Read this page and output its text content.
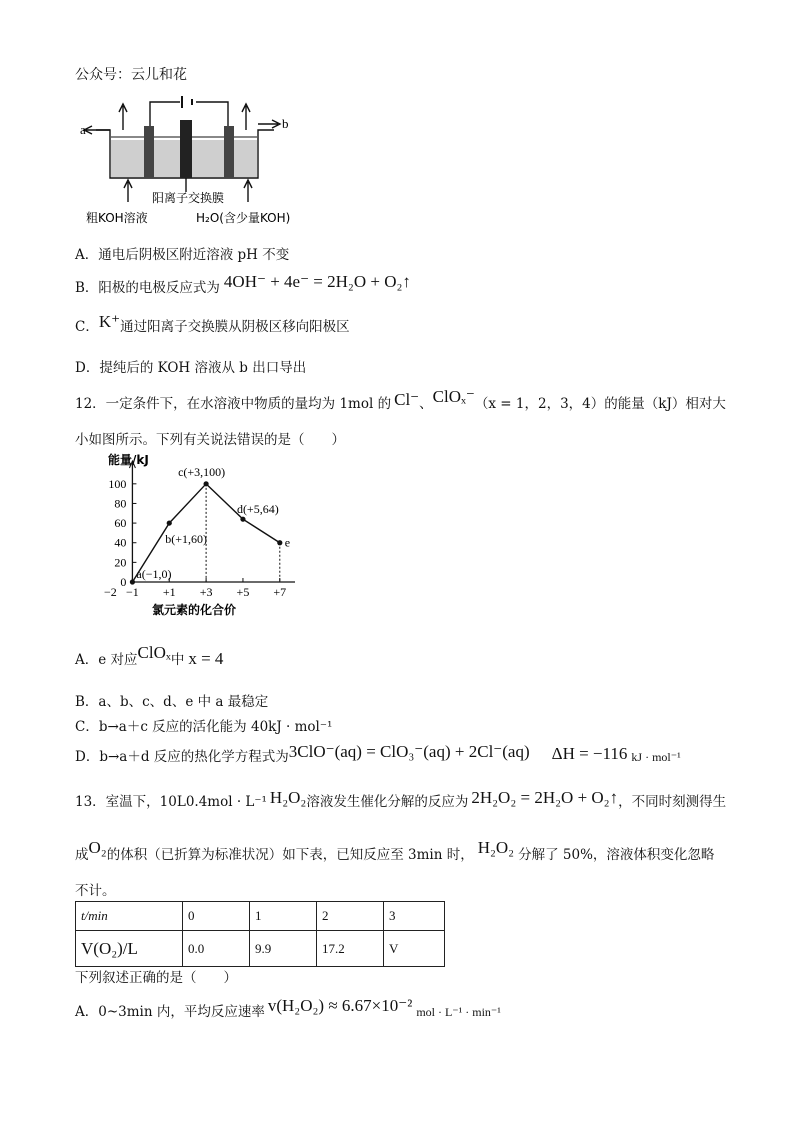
公众号：云儿和花
a	b
阳离子交换膜
粗KOH溶液	H₂O(含少量KOH)
A．通电后阴极区附近溶液 pH 不变
B．阳极的电极反应式为 4OH⁻ + 4e⁻ = 2H₂O + O₂↑
C．K⁺通过阳离子交换膜从阴极区移向阳极区
D．提纯后的 KOH 溶液从 b 出口导出
12．一定条件下，在水溶液中物质的量均为 1mol 的 Cl⁻、ClOₓ⁻（x = 1，2，3，4）的能量（kJ）相对大
小如图所示。下列有关说法错误的是（　　）
能量/kJ
氯元素的化合价
0
20
40
60
80
100
−2 −1 +1 +3 +5 +7
a(−1,0)
b(+1,60)
c(+3,100)
d(+5,64)
e
A．e 对应ClOₓ中 x = 4
B．a、b、c、d、e 中 a 最稳定
C．b→a＋c 反应的活化能为 40kJ · mol⁻¹
D．b→a＋d 反应的热化学方程式为3ClO⁻(aq) = ClO₃⁻(aq) + 2Cl⁻(aq) ΔH = −116 kJ · mol⁻¹
13．室温下，10L0.4mol · L⁻¹ H₂O₂溶液发生催化分解的反应为 2H₂O₂ = 2H₂O + O₂↑，不同时刻测得生
成O₂的体积（已折算为标准状况）如下表，已知反应至 3min 时， H₂O₂ 分解了 50%，溶液体积变化忽略
不计。
t/min	0	1	2	3
V(O₂)/L	0.0	9.9	17.2	V
下列叙述正确的是（　　）
A．0~3min 内，平均反应速率 v(H₂O₂) ≈ 6.67×10⁻² mol · L⁻¹ · min⁻¹
